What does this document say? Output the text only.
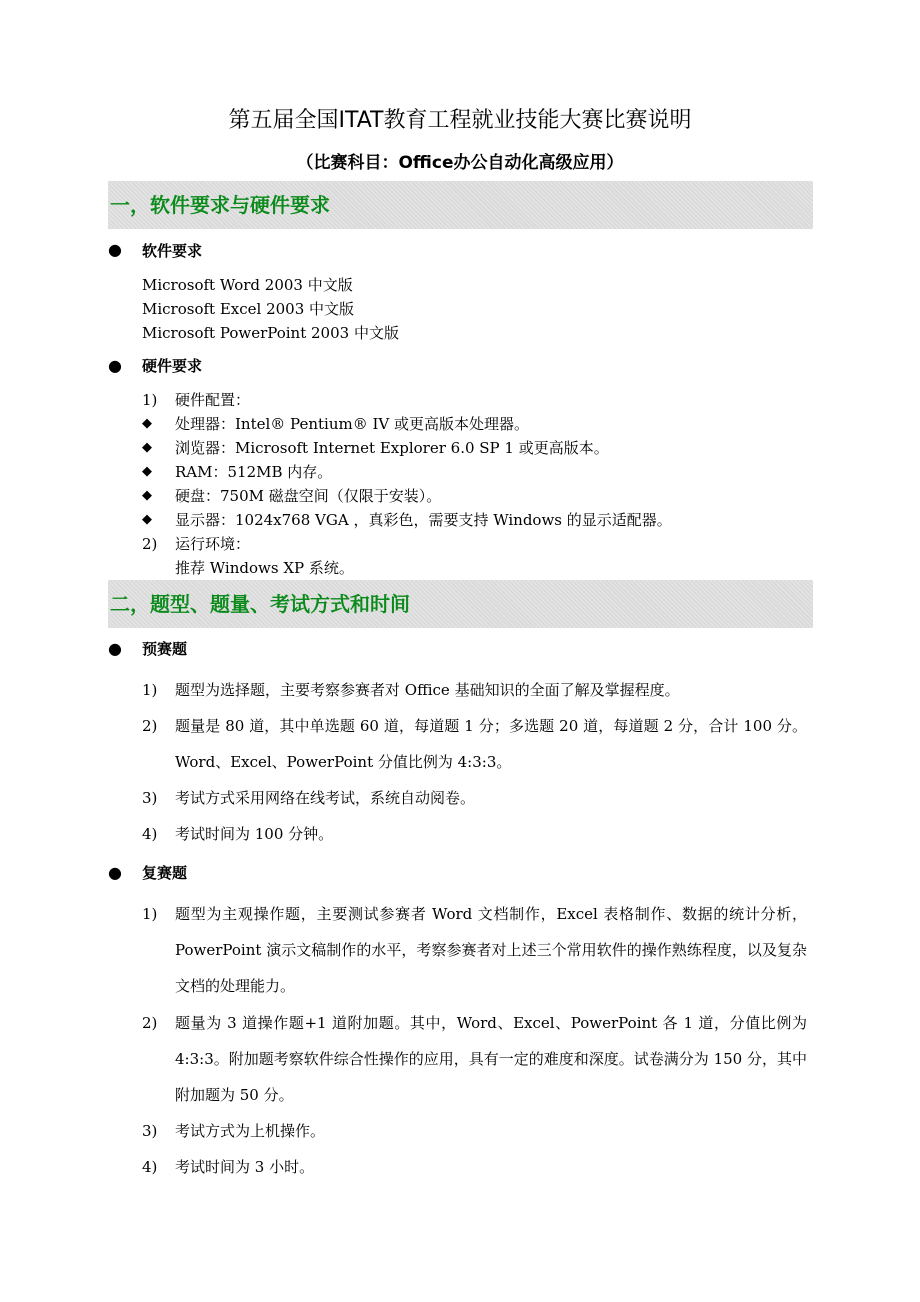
第五届全国ITAT教育工程就业技能大赛比赛说明
（比赛科目：Office办公自动化高级应用）
一，软件要求与硬件要求
● 软件要求
Microsoft Word 2003 中文版
Microsoft Excel 2003 中文版
Microsoft PowerPoint 2003 中文版
● 硬件要求
1) 硬件配置：
◆ 处理器：Intel® Pentium® IV 或更高版本处理器。
◆ 浏览器：Microsoft Internet Explorer 6.0 SP 1 或更高版本。
◆ RAM：512MB 内存。
◆ 硬盘：750M 磁盘空间（仅限于安装）。
◆ 显示器：1024x768 VGA ，真彩色，需要支持 Windows 的显示适配器。
2) 运行环境：
推荐 Windows XP 系统。
二，题型、题量、考试方式和时间
● 预赛题
1) 题型为选择题，主要考察参赛者对 Office 基础知识的全面了解及掌握程度。
2) 题量是 80 道，其中单选题 60 道，每道题 1 分；多选题 20 道，每道题 2 分，合计 100 分。Word、Excel、PowerPoint 分值比例为 4:3:3。
3) 考试方式采用网络在线考试，系统自动阅卷。
4) 考试时间为 100 分钟。
● 复赛题
1) 题型为主观操作题，主要测试参赛者 Word 文档制作，Excel 表格制作、数据的统计分析，PowerPoint 演示文稿制作的水平，考察参赛者对上述三个常用软件的操作熟练程度，以及复杂文档的处理能力。
2) 题量为 3 道操作题+1 道附加题。其中，Word、Excel、PowerPoint 各 1 道，分值比例为 4:3:3。附加题考察软件综合性操作的应用，具有一定的难度和深度。试卷满分为 150 分，其中附加题为 50 分。
3) 考试方式为上机操作。
4) 考试时间为 3 小时。
